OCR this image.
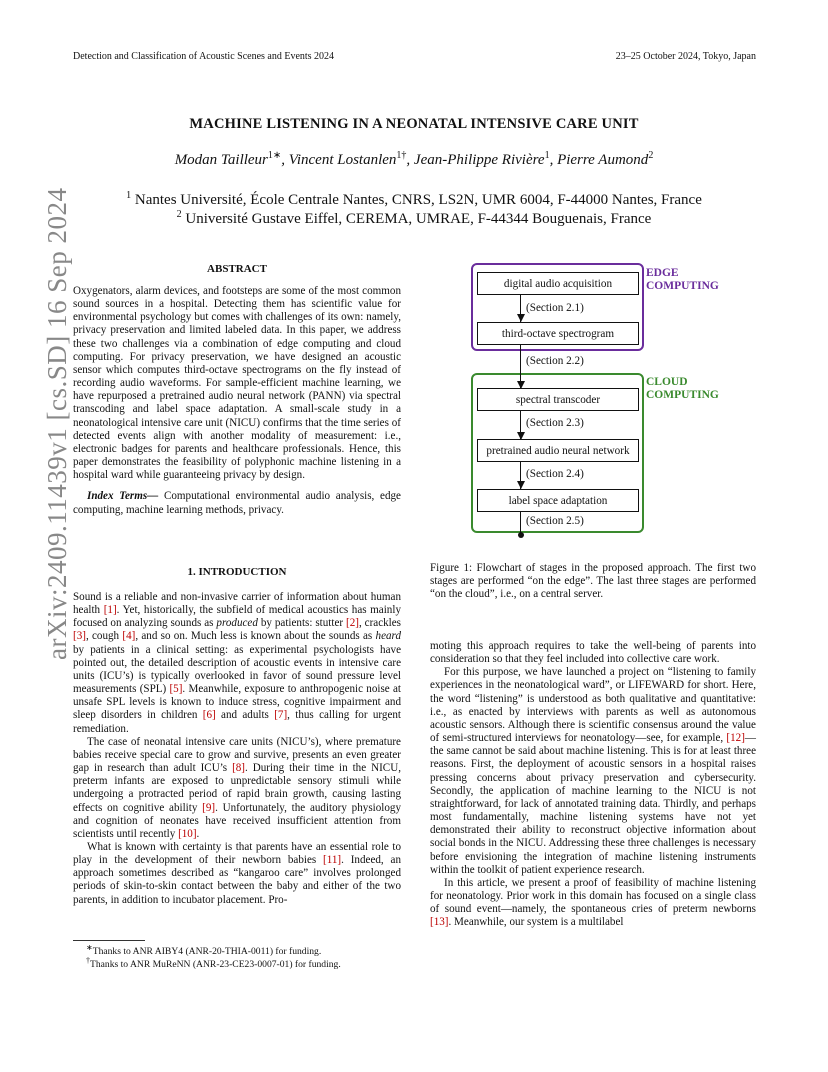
Detection and Classification of Acoustic Scenes and Events 2024	23–25 October 2024, Tokyo, Japan
MACHINE LISTENING IN A NEONATAL INTENSIVE CARE UNIT
Modan Tailleur$^{1∗}$, Vincent Lostanlen$^{1\dagger}$, Jean-Philippe Rivière$^1$, Pierre Aumond$^2$
$^1$ Nantes Université, École Centrale Nantes, CNRS, LS2N, UMR 6004, F-44000 Nantes, France
$^2$ Université Gustave Eiffel, CEREMA, UMRAE, F-44344 Bouguenais, France
arXiv:2409.11439v1 [cs.SD] 16 Sep 2024	ABSTRACT

Oxygenators, alarm devices, and footsteps are some of the most common sound sources in a hospital. Detecting them has scientific value for environmental psychology but comes with challenges of its own: namely, privacy preservation and limited labeled data. In this paper, we address these two challenges via a combination of edge computing and cloud computing. For privacy preservation, we have designed an acoustic sensor which computes third-octave spectrograms on the fly instead of recording audio waveforms. For sample-efficient machine learning, we have repurposed a pretrained audio neural network (PANN) via spectral transcoding and label space adaptation. A small-scale study in a neonatological intensive care unit (NICU) confirms that the time series of detected events align with another modality of measurement: i.e., electronic badges for parents and healthcare professionals. Hence, this paper demonstrates the feasibility of polyphonic machine listening in a hospital ward while guaranteeing privacy by design.

Index Terms— Computational environmental audio analysis, edge computing, machine learning methods, privacy.

1. INTRODUCTION

Sound is a reliable and non-invasive carrier of information about human health [1]. Yet, historically, the subfield of medical acoustics has mainly focused on analyzing sounds as produced by patients: stutter [2], crackles [3], cough [4], and so on. Much less is known about the sounds as heard by patients in a clinical setting: as experimental psychologists have pointed out, the detailed description of acoustic events in intensive care units (ICU’s) is typically overlooked in favor of sound pressure level measurements (SPL) [5]. Meanwhile, exposure to anthropogenic noise at unsafe SPL levels is known to induce stress, cognitive impairment and sleep disorders in children [6] and adults [7], thus calling for urgent remediation.

The case of neonatal intensive care units (NICU’s), where premature babies receive special care to grow and survive, presents an even greater gap in research than adult ICU’s [8]. During their time in the NICU, preterm infants are exposed to unpredictable sensory stimuli while undergoing a protracted period of rapid brain growth, causing lasting effects on cognitive ability [9]. Unfortunately, the auditory physiology and cognition of neonates have received insufficient attention from scientists until recently [10].

What is known with certainty is that parents have an essential role to play in the development of their newborn babies [11]. Indeed, an approach sometimes described as “kangaroo care” involves prolonged periods of skin-to-skin contact between the baby and either of the two parents, in addition to incubator placement. Pro-

∗Thanks to ANR AIBY4 (ANR-20-THIA-0011) for funding.
†Thanks to ANR MuReNN (ANR-23-CE23-0007-01) for funding.
EDGE
COMPUTING
CLOUD
COMPUTING
digital audio acquisition
third-octave spectrogram
spectral transcoder
pretrained audio neural network
label space adaptation
(Section 2.1)
(Section 2.2)
(Section 2.3)
(Section 2.4)
(Section 2.5)
Figure 1: Flowchart of stages in the proposed approach. The first two stages are performed “on the edge”. The last three stages are performed “on the cloud”, i.e., on a central server.

moting this approach requires to take the well-being of parents into consideration so that they feel included into collective care work.

For this purpose, we have launched a project on “listening to family experiences in the neonatological ward”, or LIFEWARD for short. Here, the word “listening” is understood as both qualitative and quantitative: i.e., as enacted by interviews with parents as well as autonomous acoustic sensors. Although there is scientific consensus around the value of semi-structured interviews for neonatology—see, for example, [12]—the same cannot be said about machine listening. This is for at least three reasons. First, the deployment of acoustic sensors in a hospital raises pressing concerns about privacy preservation and cybersecurity. Secondly, the application of machine learning to the NICU is not straightforward, for lack of annotated training data. Thirdly, and perhaps most fundamentally, machine listening systems have not yet demonstrated their ability to reconstruct objective information about social bonds in the NICU. Addressing these three challenges is necessary before envisioning the integration of machine listening instruments within the toolkit of patient experience research.

In this article, we present a proof of feasibility of machine listening for neonatology. Prior work in this domain has focused on a single class of sound event—namely, the spontaneous cries of preterm newborns [13]. Meanwhile, our system is a multilabel
